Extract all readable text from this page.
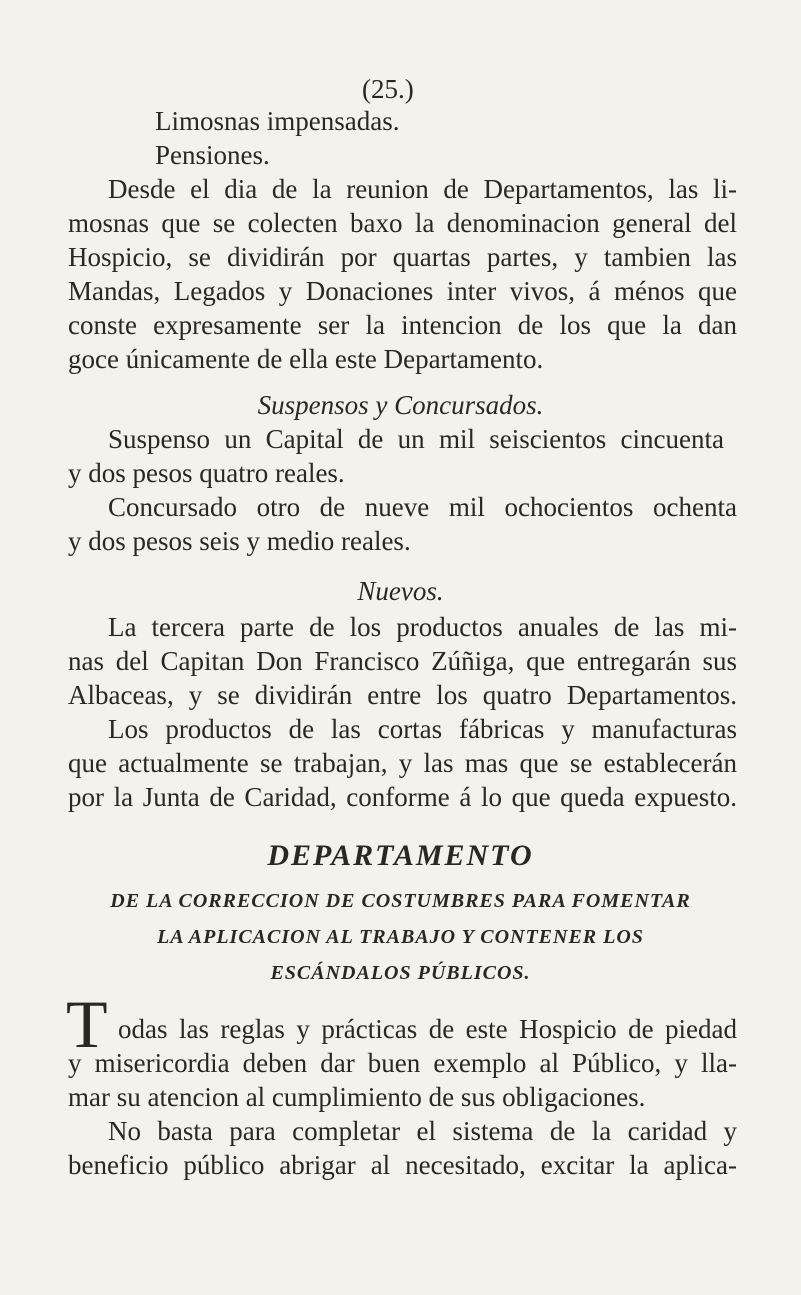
(25.)
Limosnas impensadas.
Pensiones.
Desde el dia de la reunion de Departamentos, las li-
mosnas que se colecten baxo la denominacion general del
Hospicio, se dividirán por quartas partes, y tambien las
Mandas, Legados y Donaciones inter vivos, á ménos que
conste expresamente ser la intencion de los que la dan
goce únicamente de ella este Departamento.
Suspensos y Concursados.
Suspenso un Capital de un mil seiscientos cincuenta
y dos pesos quatro reales.
Concursado otro de nueve mil ochocientos ochenta
y dos pesos seis y medio reales.
Nuevos.
La tercera parte de los productos anuales de las mi-
nas del Capitan Don Francisco Zúñiga, que entregarán sus
Albaceas, y se dividirán entre los quatro Departamentos.
Los productos de las cortas fábricas y manufacturas
que actualmente se trabajan, y las mas que se establecerán
por la Junta de Caridad, conforme á lo que queda expuesto.
DEPARTAMENTO
DE LA CORRECCION DE COSTUMBRES PARA FOMENTAR
LA APLICACION AL TRABAJO Y CONTENER LOS
ESCÁNDALOS PÚBLICOS.
T odas las reglas y prácticas de este Hospicio de piedad
y misericordia deben dar buen exemplo al Público, y lla-
mar su atencion al cumplimiento de sus obligaciones.
No basta para completar el sistema de la caridad y
beneficio público abrigar al necesitado, excitar la aplica-
